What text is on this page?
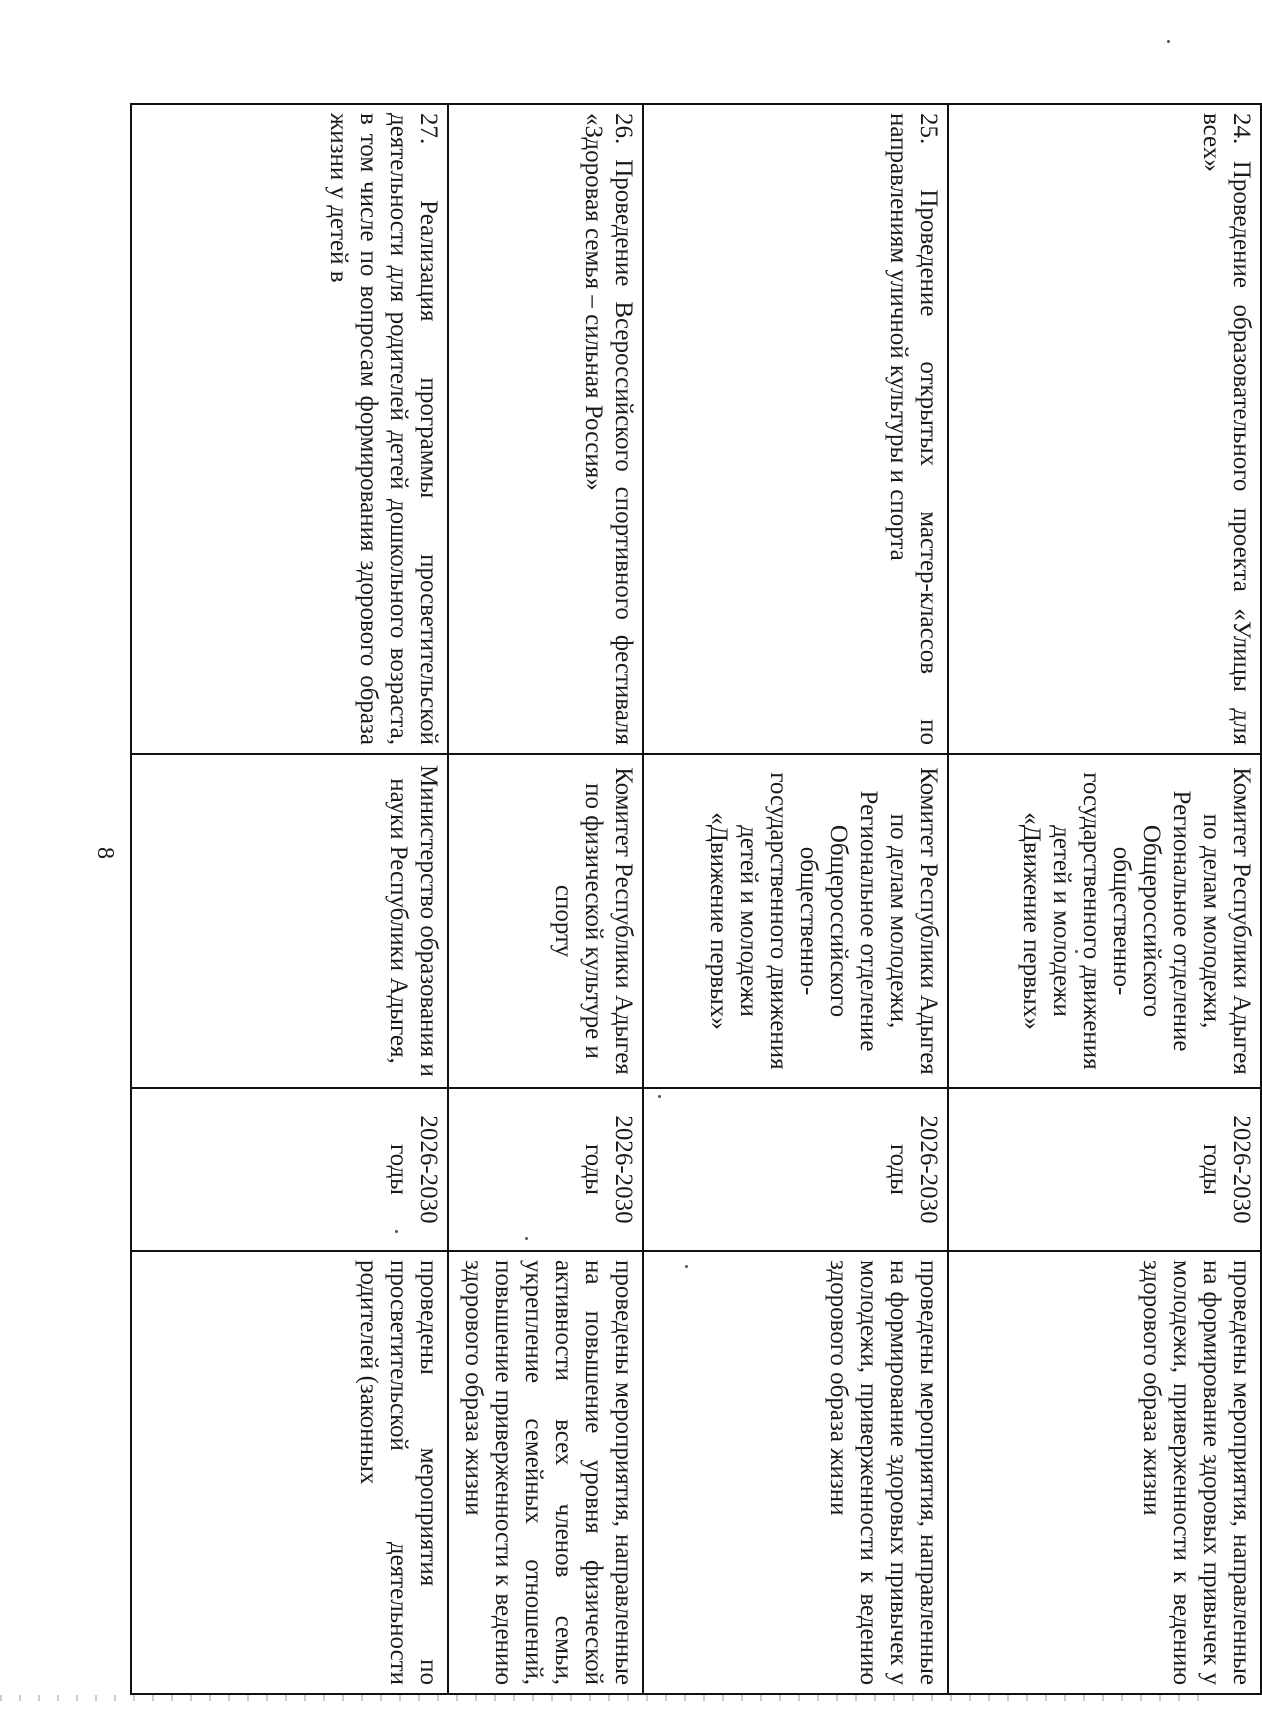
8
24. Проведение образовательного проекта «Улицы для всех»	Комитет Республики Адыгея по делам молодежи, Региональное отделение Общероссийского общественно-государственного движения детей и молодежи «Движение первых»	2026-2030 годы	проведены мероприятия, направленные на формирование здоровых привычек у молодежи, приверженности к ведению здорового образа жизни
25. Проведение открытых мастер-классов по направлениям уличной культуры и спорта	Комитет Республики Адыгея по делам молодежи, Региональное отделение Общероссийского общественно-государственного движения детей и молодежи «Движение первых»	2026-2030 годы	проведены мероприятия, направленные на формирование здоровых привычек у молодежи, приверженности к ведению здорового образа жизни
26. Проведение Всероссийского спортивного фестиваля «Здоровая семья – сильная Россия»	Комитет Республики Адыгея по физической культуре и спорту	2026-2030 годы	проведены мероприятия, направленные на повышение уровня физической активности всех членов семьи, укрепление семейных отношений, повышение приверженности к ведению здорового образа жизни
27. Реализация программы просветительской деятельности для родителей детей дошкольного возраста, в том числе по вопросам формирования здорового образа жизни у детей в	Министерство образования и науки Республики Адыгея,	2026-2030 годы	проведены мероприятия по просветительской деятельности родителей (законных
